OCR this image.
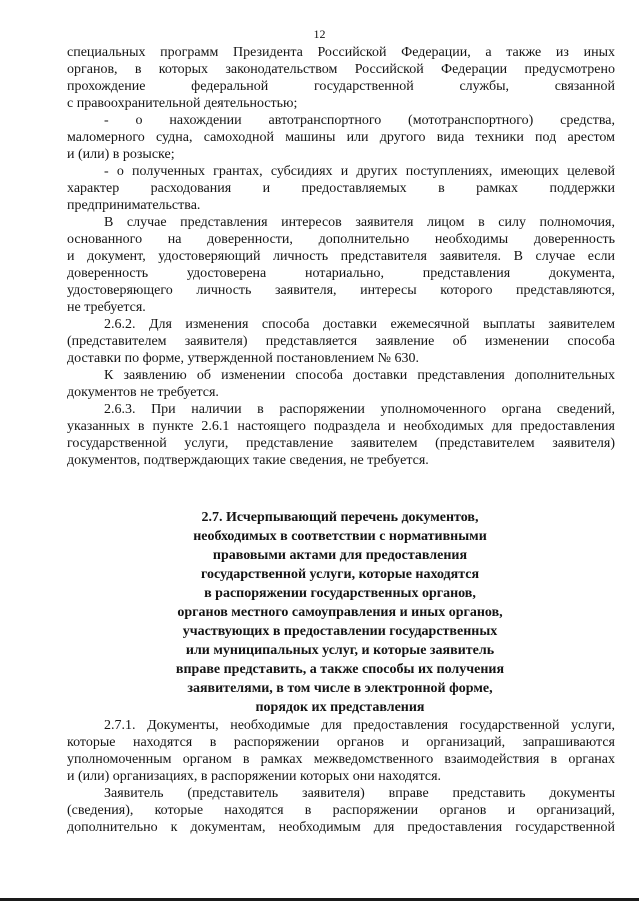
12
специальных программ Президента Российской Федерации, а также из иных
органов, в которых законодательством Российской Федерации предусмотрено
прохождение федеральной государственной службы, связанной
с правоохранительной деятельностью;
- о нахождении автотранспортного (мототранспортного) средства,
маломерного судна, самоходной машины или другого вида техники под арестом
и (или) в розыске;
- о полученных грантах, субсидиях и других поступлениях, имеющих целевой
характер расходования и предоставляемых в рамках поддержки
предпринимательства.
В случае представления интересов заявителя лицом в силу полномочия,
основанного на доверенности, дополнительно необходимы доверенность
и документ, удостоверяющий личность представителя заявителя. В случае если
доверенность удостоверена нотариально, представления документа,
удостоверяющего личность заявителя, интересы которого представляются,
не требуется.
2.6.2. Для изменения способа доставки ежемесячной выплаты заявителем
(представителем заявителя) представляется заявление об изменении способа
доставки по форме, утвержденной постановлением № 630.
К заявлению об изменении способа доставки представления дополнительных
документов не требуется.
2.6.3. При наличии в распоряжении уполномоченного органа сведений,
указанных в пункте 2.6.1 настоящего подраздела и необходимых для предоставления
государственной услуги, представление заявителем (представителем заявителя)
документов, подтверждающих такие сведения, не требуется.
2.7. Исчерпывающий перечень документов,
необходимых в соответствии с нормативными
правовыми актами для предоставления
государственной услуги, которые находятся
в распоряжении государственных органов,
органов местного самоуправления и иных органов,
участвующих в предоставлении государственных
или муниципальных услуг, и которые заявитель
вправе представить, а также способы их получения
заявителями, в том числе в электронной форме,
порядок их представления
2.7.1. Документы, необходимые для предоставления государственной услуги,
которые находятся в распоряжении органов и организаций, запрашиваются
уполномоченным органом в рамках межведомственного взаимодействия в органах
и (или) организациях, в распоряжении которых они находятся.
Заявитель (представитель заявителя) вправе представить документы
(сведения), которые находятся в распоряжении органов и организаций,
дополнительно к документам, необходимым для предоставления государственной
